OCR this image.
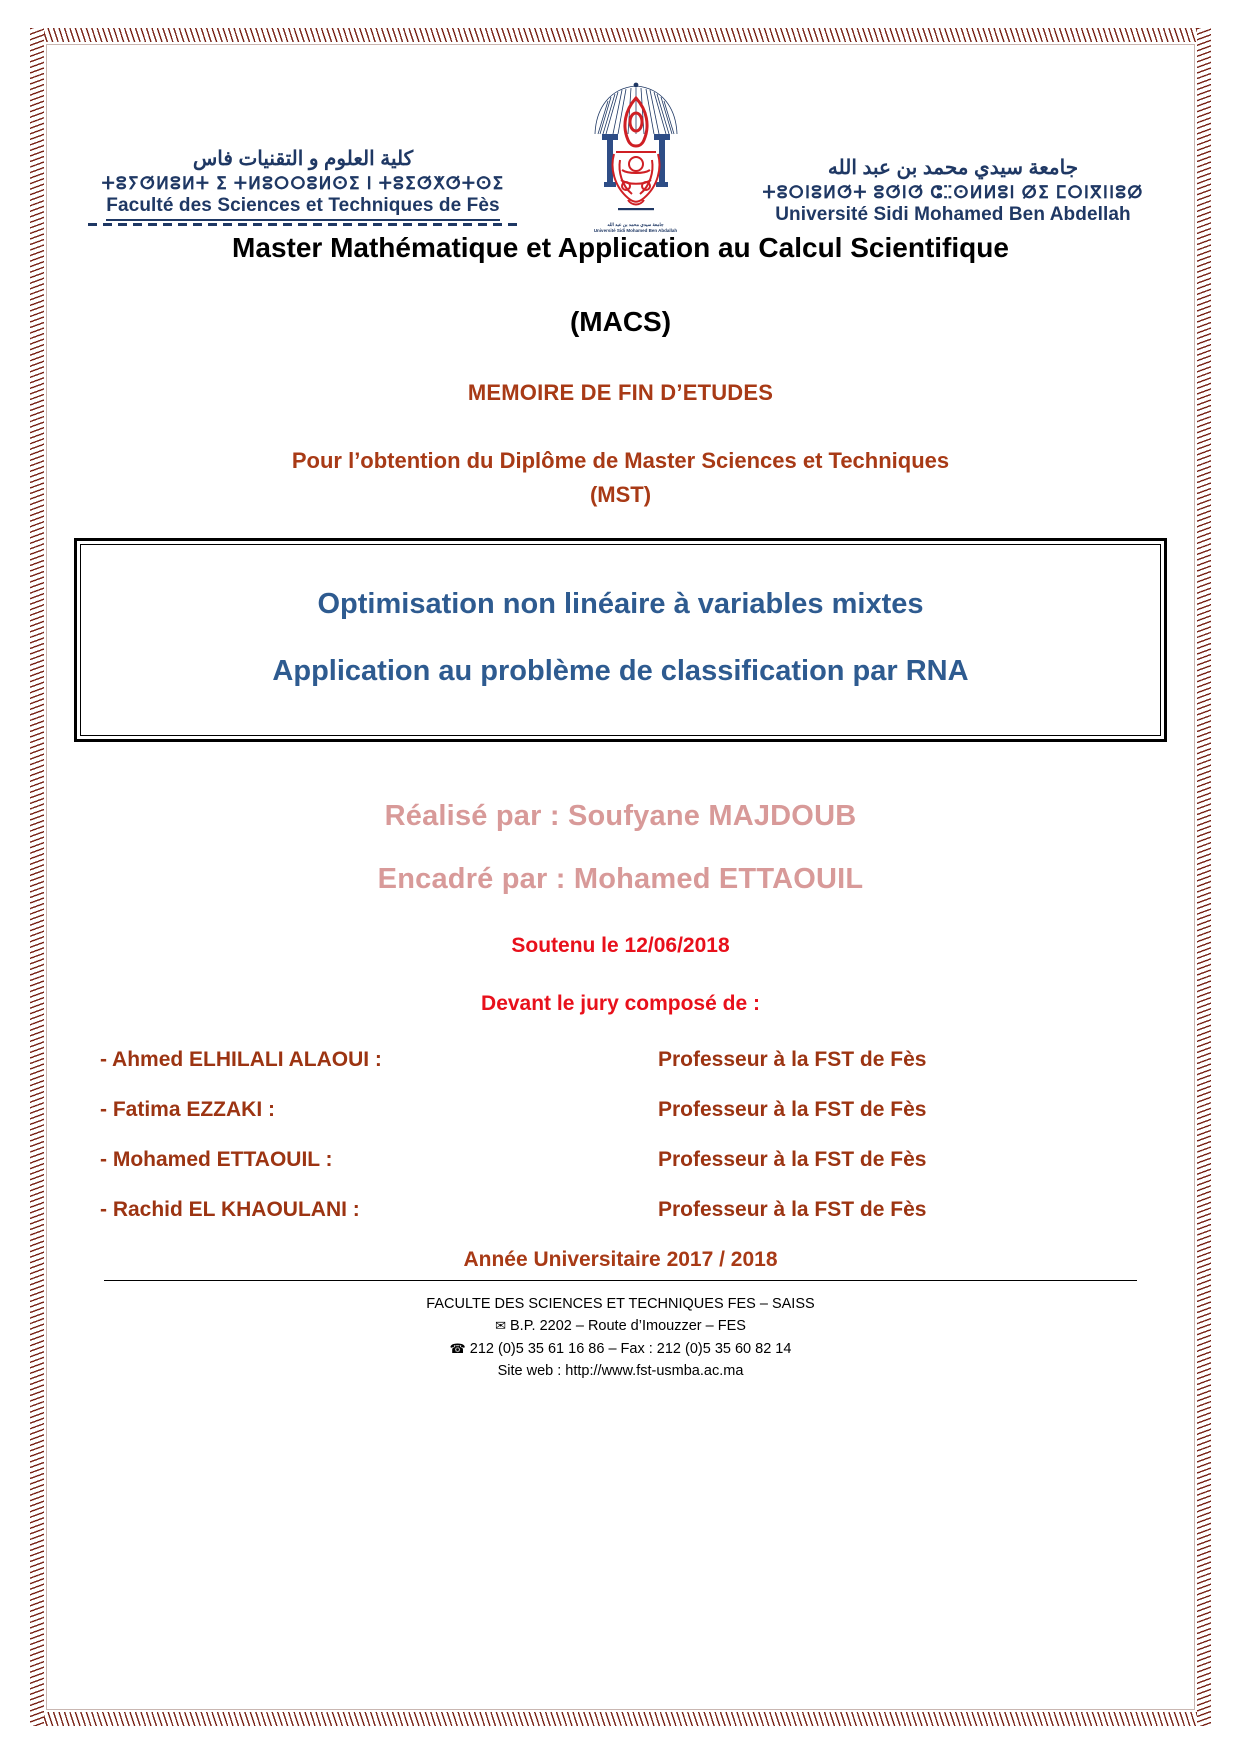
كلية العلوم و التقنيات فاس
ⵜⵓⵢⵚⵍⵓⵍⵜ ⵉ ⵜⵍⵓⵔⵔⵓⵍⵙⵉ ⵏ ⵜⵓⵉⵚⵅⵚⵜⵙⵉ
Faculté des Sciences et Techniques de Fès
جامعة سيدي محمد بن عبد الله
Université Sidi Mohamed Ben Abdallah
جامعة سيدي محمد بن عبد الله
ⵜⵓⵔⵏⵓⵍⵚⵜ ⵓⵚⵏⵚ ⵛⵆⵙⵍⵍⵓⵏ ⵁⵉ ⵎⵔⵏⴳⵏⵏⵓⵁ
Université Sidi Mohamed Ben Abdellah
Master Mathématique et Application au Calcul Scientifique
(MACS)
MEMOIRE DE FIN D’ETUDES
Pour l’obtention du Diplôme de Master Sciences et Techniques
(MST)
Optimisation non linéaire à variables mixtes
Application au problème de classification par RNA
Réalisé par : Soufyane MAJDOUB
Encadré par : Mohamed ETTAOUIL
Soutenu le 12/06/2018
Devant le jury composé de :
- Ahmed ELHILALI ALAOUI :	Professeur à la FST de Fès
- Fatima EZZAKI :	Professeur à la FST de Fès
- Mohamed ETTAOUIL :	Professeur à la FST de Fès
- Rachid EL KHAOULANI :	Professeur à la FST de Fès
Année Universitaire 2017 / 2018
FACULTE DES SCIENCES ET TECHNIQUES FES – SAISS
✉ B.P. 2202 – Route d’Imouzzer – FES
☎ 212 (0)5 35 61 16 86 – Fax : 212 (0)5 35 60 82 14
Site web : http://www.fst-usmba.ac.ma
